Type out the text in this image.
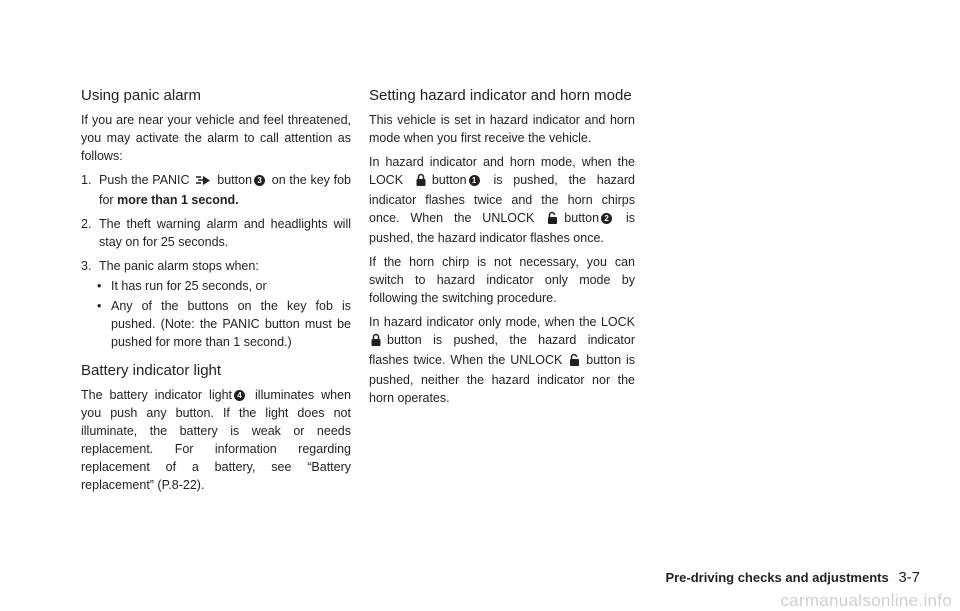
Using panic alarm

If you are near your vehicle and feel threatened, you may activate the alarm to call attention as follows:

1. Push the PANIC button 3 on the key fob for more than 1 second.
2. The theft warning alarm and headlights will stay on for 25 seconds.
3. The panic alarm stops when:
• It has run for 25 seconds, or
• Any of the buttons on the key fob is pushed. (Note: the PANIC button must be pushed for more than 1 second.)
Battery indicator light

The battery indicator light 4 illuminates when you push any button. If the light does not illuminate, the battery is weak or needs replacement. For information regarding replacement of a battery, see “Battery replacement” (P.8-22).

Setting hazard indicator and horn mode

This vehicle is set in hazard indicator and horn mode when you first receive the vehicle.

In hazard indicator and horn mode, when the LOCK button 1 is pushed, the hazard indicator flashes twice and the horn chirps once. When the UNLOCK button 2 is pushed, the hazard indicator flashes once.

If the horn chirp is not necessary, you can switch to hazard indicator only mode by following the switching procedure.

In hazard indicator only mode, when the LOCK button is pushed, the hazard indicator flashes twice. When the UNLOCK button is pushed, neither the hazard indicator nor the horn operates.

Pre-driving checks and adjustments 3-7
carmanualsonline.info
